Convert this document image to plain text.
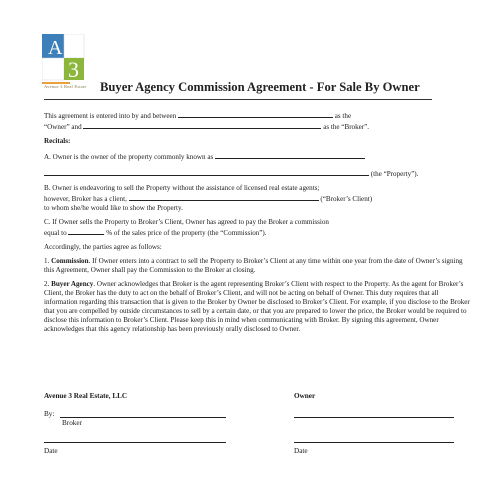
A
3
Avenue 3 Real Estate Buyer Agency Commission Agreement - For Sale By Owner

This agreement is entered into by and between	as the

“Owner” and	as the “Broker”.

Recitals:

A. Owner is the owner of the property commonly known as

(the “Property”).

B. Owner is endeavoring to sell the Property without the assistance of licensed real estate agents;

however, Broker has a client,	(“Broker’s Client)

to whom she/he would like to show the Property.

C. If Owner sells the Property to Broker’s Client, Owner has agreed to pay the Broker a commission

equal to	% of the sales price of the property (the “Commission”).

Accordingly, the parties agree as follows:

1. Commission. If Owner enters into a contract to sell the Property to Broker’s Client at any time within one year from the date of Owner’s signing this Agreement, Owner shall pay the Commission to the Broker at closing.

2. Buyer Agency. Owner acknowledges that Broker is the agent representing Broker’s Client with respect to the Property. As the agent for Broker’s Client, the Broker has the duty to act on the behalf of Broker’s Client, and will not be acting on behalf of Owner. This duty requires that all information regarding this transaction that is given to the Broker by Owner be disclosed to Broker’s Client. For example, if you disclose to the Broker that you are compelled by outside circumstances to sell by a certain date, or that you are prepared to lower the price, the Broker would be required to disclose this information to Broker’s Client. Please keep this in mind when communicating with Broker. By signing this agreement, Owner acknowledges that this agency relationship has been previously orally disclosed to Owner.

Avenue 3 Real Estate, LLC	Owner
By:
Broker
Date	Date
